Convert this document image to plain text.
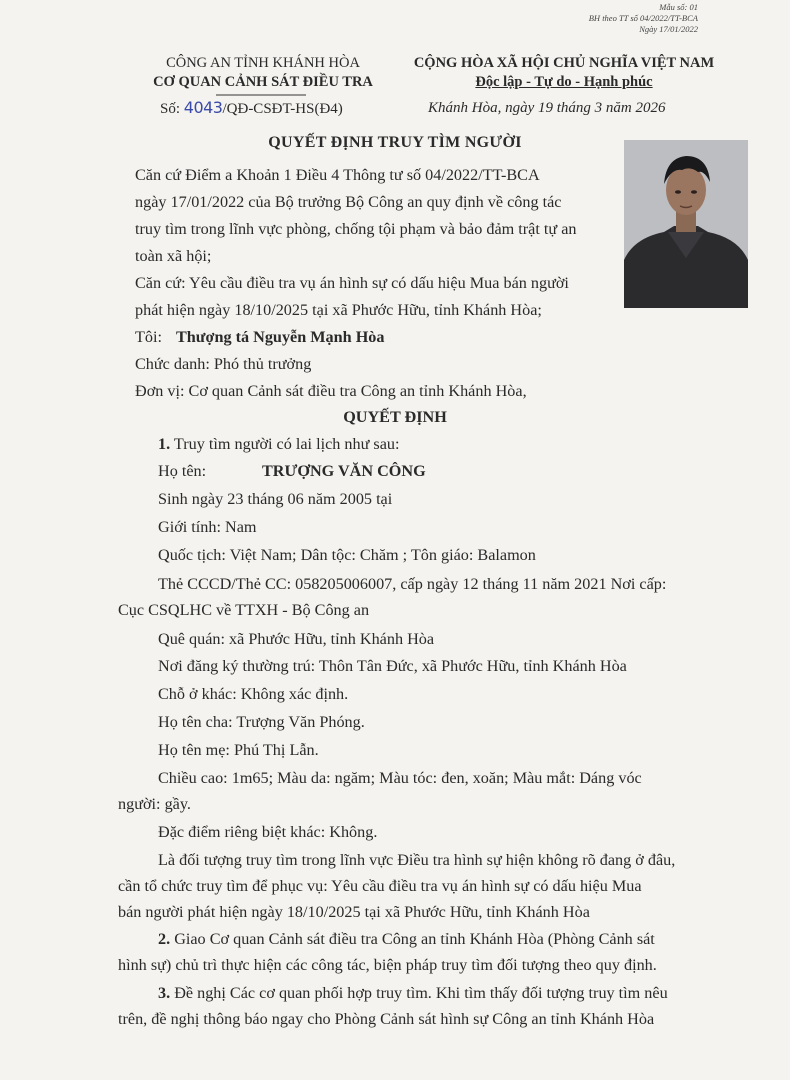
Mẫu số: 01
BH theo TT số 04/2022/TT-BCA
Ngày 17/01/2022
CÔNG AN TỈNH KHÁNH HÒA
CƠ QUAN CẢNH SÁT ĐIỀU TRA
CỘNG HÒA XÃ HỘI CHỦ NGHĨA VIỆT NAM
Độc lập - Tự do - Hạnh phúc
Số: 4043/QĐ-CSĐT-HS(Đ4)	Khánh Hòa, ngày 19 tháng 3 năm 2026
QUYẾT ĐỊNH TRUY TÌM NGƯỜI
Căn cứ Điểm a Khoản 1 Điều 4 Thông tư số 04/2022/TT-BCA
ngày 17/01/2022 của Bộ trưởng Bộ Công an quy định về công tác
truy tìm trong lĩnh vực phòng, chống tội phạm và bảo đảm trật tự an
toàn xã hội;
Căn cứ: Yêu cầu điều tra vụ án hình sự có dấu hiệu Mua bán người
phát hiện ngày 18/10/2025 tại xã Phước Hữu, tỉnh Khánh Hòa;
Tôi: Thượng tá Nguyễn Mạnh Hòa
Chức danh: Phó thủ trưởng
Đơn vị: Cơ quan Cảnh sát điều tra Công an tỉnh Khánh Hòa,
QUYẾT ĐỊNH
1. Truy tìm người có lai lịch như sau:
Họ tên:	TRƯỢNG VĂN CÔNG
Sinh ngày 23 tháng 06 năm 2005 tại
Giới tính: Nam
Quốc tịch: Việt Nam; Dân tộc: Chăm ; Tôn giáo: Balamon
Thẻ CCCD/Thẻ CC: 058205006007, cấp ngày 12 tháng 11 năm 2021 Nơi cấp:
Cục CSQLHC về TTXH - Bộ Công an
Quê quán: xã Phước Hữu, tỉnh Khánh Hòa
Nơi đăng ký thường trú: Thôn Tân Đức, xã Phước Hữu, tỉnh Khánh Hòa
Chỗ ở khác: Không xác định.
Họ tên cha: Trượng Văn Phóng.
Họ tên mẹ: Phú Thị Lẫn.
Chiều cao: 1m65; Màu da: ngăm; Màu tóc: đen, xoăn; Màu mắt: Dáng vóc
người: gầy.
Đặc điểm riêng biệt khác: Không.
Là đối tượng truy tìm trong lĩnh vực Điều tra hình sự hiện không rõ đang ở đâu,
cần tổ chức truy tìm để phục vụ: Yêu cầu điều tra vụ án hình sự có dấu hiệu Mua
bán người phát hiện ngày 18/10/2025 tại xã Phước Hữu, tỉnh Khánh Hòa
2. Giao Cơ quan Cảnh sát điều tra Công an tỉnh Khánh Hòa (Phòng Cảnh sát
hình sự) chủ trì thực hiện các công tác, biện pháp truy tìm đối tượng theo quy định.
3. Đề nghị Các cơ quan phối hợp truy tìm. Khi tìm thấy đối tượng truy tìm nêu
trên, đề nghị thông báo ngay cho Phòng Cảnh sát hình sự Công an tỉnh Khánh Hòa
